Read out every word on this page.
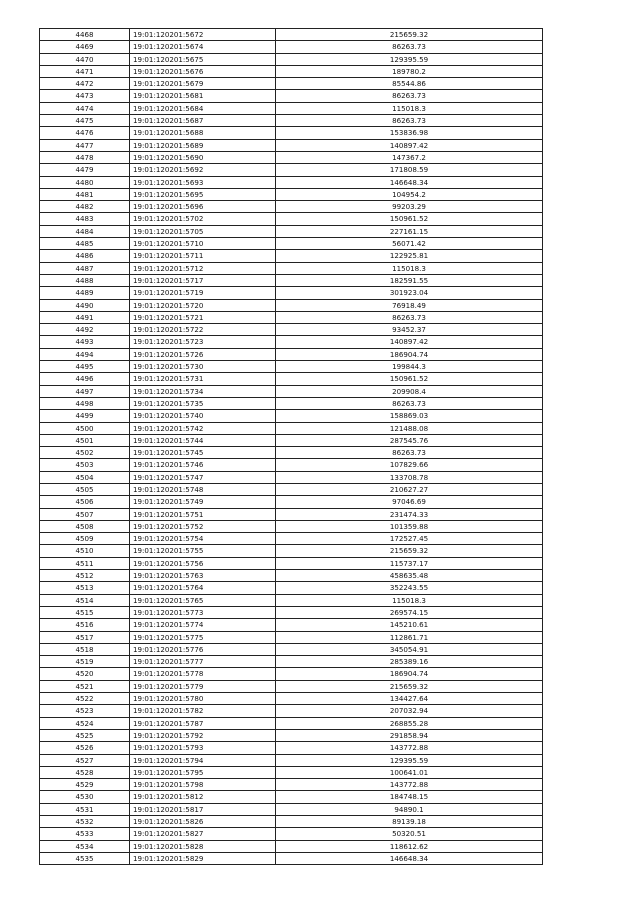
4468	19:01:120201:5672	215659.32
4469	19:01:120201:5674	86263.73
4470	19:01:120201:5675	129395.59
4471	19:01:120201:5676	189780.2
4472	19:01:120201:5679	85544.86
4473	19:01:120201:5681	86263.73
4474	19:01:120201:5684	115018.3
4475	19:01:120201:5687	86263.73
4476	19:01:120201:5688	153836.98
4477	19:01:120201:5689	140897.42
4478	19:01:120201:5690	147367.2
4479	19:01:120201:5692	171808.59
4480	19:01:120201:5693	146648.34
4481	19:01:120201:5695	104954.2
4482	19:01:120201:5696	99203.29
4483	19:01:120201:5702	150961.52
4484	19:01:120201:5705	227161.15
4485	19:01:120201:5710	56071.42
4486	19:01:120201:5711	122925.81
4487	19:01:120201:5712	115018.3
4488	19:01:120201:5717	182591.55
4489	19:01:120201:5719	301923.04
4490	19:01:120201:5720	76918.49
4491	19:01:120201:5721	86263.73
4492	19:01:120201:5722	93452.37
4493	19:01:120201:5723	140897.42
4494	19:01:120201:5726	186904.74
4495	19:01:120201:5730	199844.3
4496	19:01:120201:5731	150961.52
4497	19:01:120201:5734	209908.4
4498	19:01:120201:5735	86263.73
4499	19:01:120201:5740	158869.03
4500	19:01:120201:5742	121488.08
4501	19:01:120201:5744	287545.76
4502	19:01:120201:5745	86263.73
4503	19:01:120201:5746	107829.66
4504	19:01:120201:5747	133708.78
4505	19:01:120201:5748	210627.27
4506	19:01:120201:5749	97046.69
4507	19:01:120201:5751	231474.33
4508	19:01:120201:5752	101359.88
4509	19:01:120201:5754	172527.45
4510	19:01:120201:5755	215659.32
4511	19:01:120201:5756	115737.17
4512	19:01:120201:5763	458635.48
4513	19:01:120201:5764	352243.55
4514	19:01:120201:5765	115018.3
4515	19:01:120201:5773	269574.15
4516	19:01:120201:5774	145210.61
4517	19:01:120201:5775	112861.71
4518	19:01:120201:5776	345054.91
4519	19:01:120201:5777	285389.16
4520	19:01:120201:5778	186904.74
4521	19:01:120201:5779	215659.32
4522	19:01:120201:5780	134427.64
4523	19:01:120201:5782	207032.94
4524	19:01:120201:5787	268855.28
4525	19:01:120201:5792	291858.94
4526	19:01:120201:5793	143772.88
4527	19:01:120201:5794	129395.59
4528	19:01:120201:5795	100641.01
4529	19:01:120201:5798	143772.88
4530	19:01:120201:5812	184748.15
4531	19:01:120201:5817	94890.1
4532	19:01:120201:5826	89139.18
4533	19:01:120201:5827	50320.51
4534	19:01:120201:5828	118612.62
4535	19:01:120201:5829	146648.34
